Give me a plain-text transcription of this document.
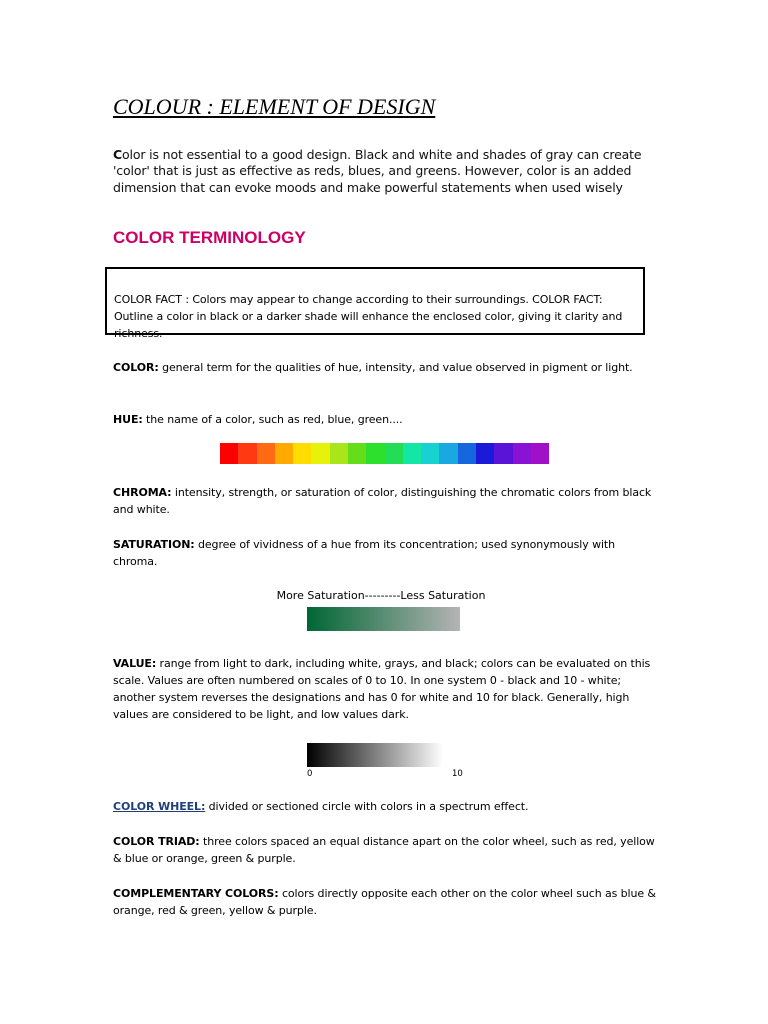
COLOUR : ELEMENT OF DESIGN

Color is not essential to a good design. Black and white and shades of gray can create 'color' that is just as effective as reds, blues, and greens. However, color is an added dimension that can evoke moods and make powerful statements when used wisely

COLOR TERMINOLOGY

COLOR FACT : Colors may appear to change according to their surroundings. COLOR FACT: Outline a color in black or a darker shade will enhance the enclosed color, giving it clarity and richness.

COLOR: general term for the qualities of hue, intensity, and value observed in pigment or light.

HUE: the name of a color, such as red, blue, green....

CHROMA: intensity, strength, or saturation of color, distinguishing the chromatic colors from black and white.

SATURATION: degree of vividness of a hue from its concentration; used synonymously with chroma.

More Saturation---------Less Saturation

VALUE: range from light to dark, including white, grays, and black; colors can be evaluated on this scale. Values are often numbered on scales of 0 to 10. In one system 0 - black and 10 - white; another system reverses the designations and has 0 for white and 10 for black. Generally, high values are considered to be light, and low values dark.

0	10

COLOR WHEEL: divided or sectioned circle with colors in a spectrum effect.

COLOR TRIAD: three colors spaced an equal distance apart on the color wheel, such as red, yellow & blue or orange, green & purple.

COMPLEMENTARY COLORS: colors directly opposite each other on the color wheel such as blue & orange, red & green, yellow & purple.
